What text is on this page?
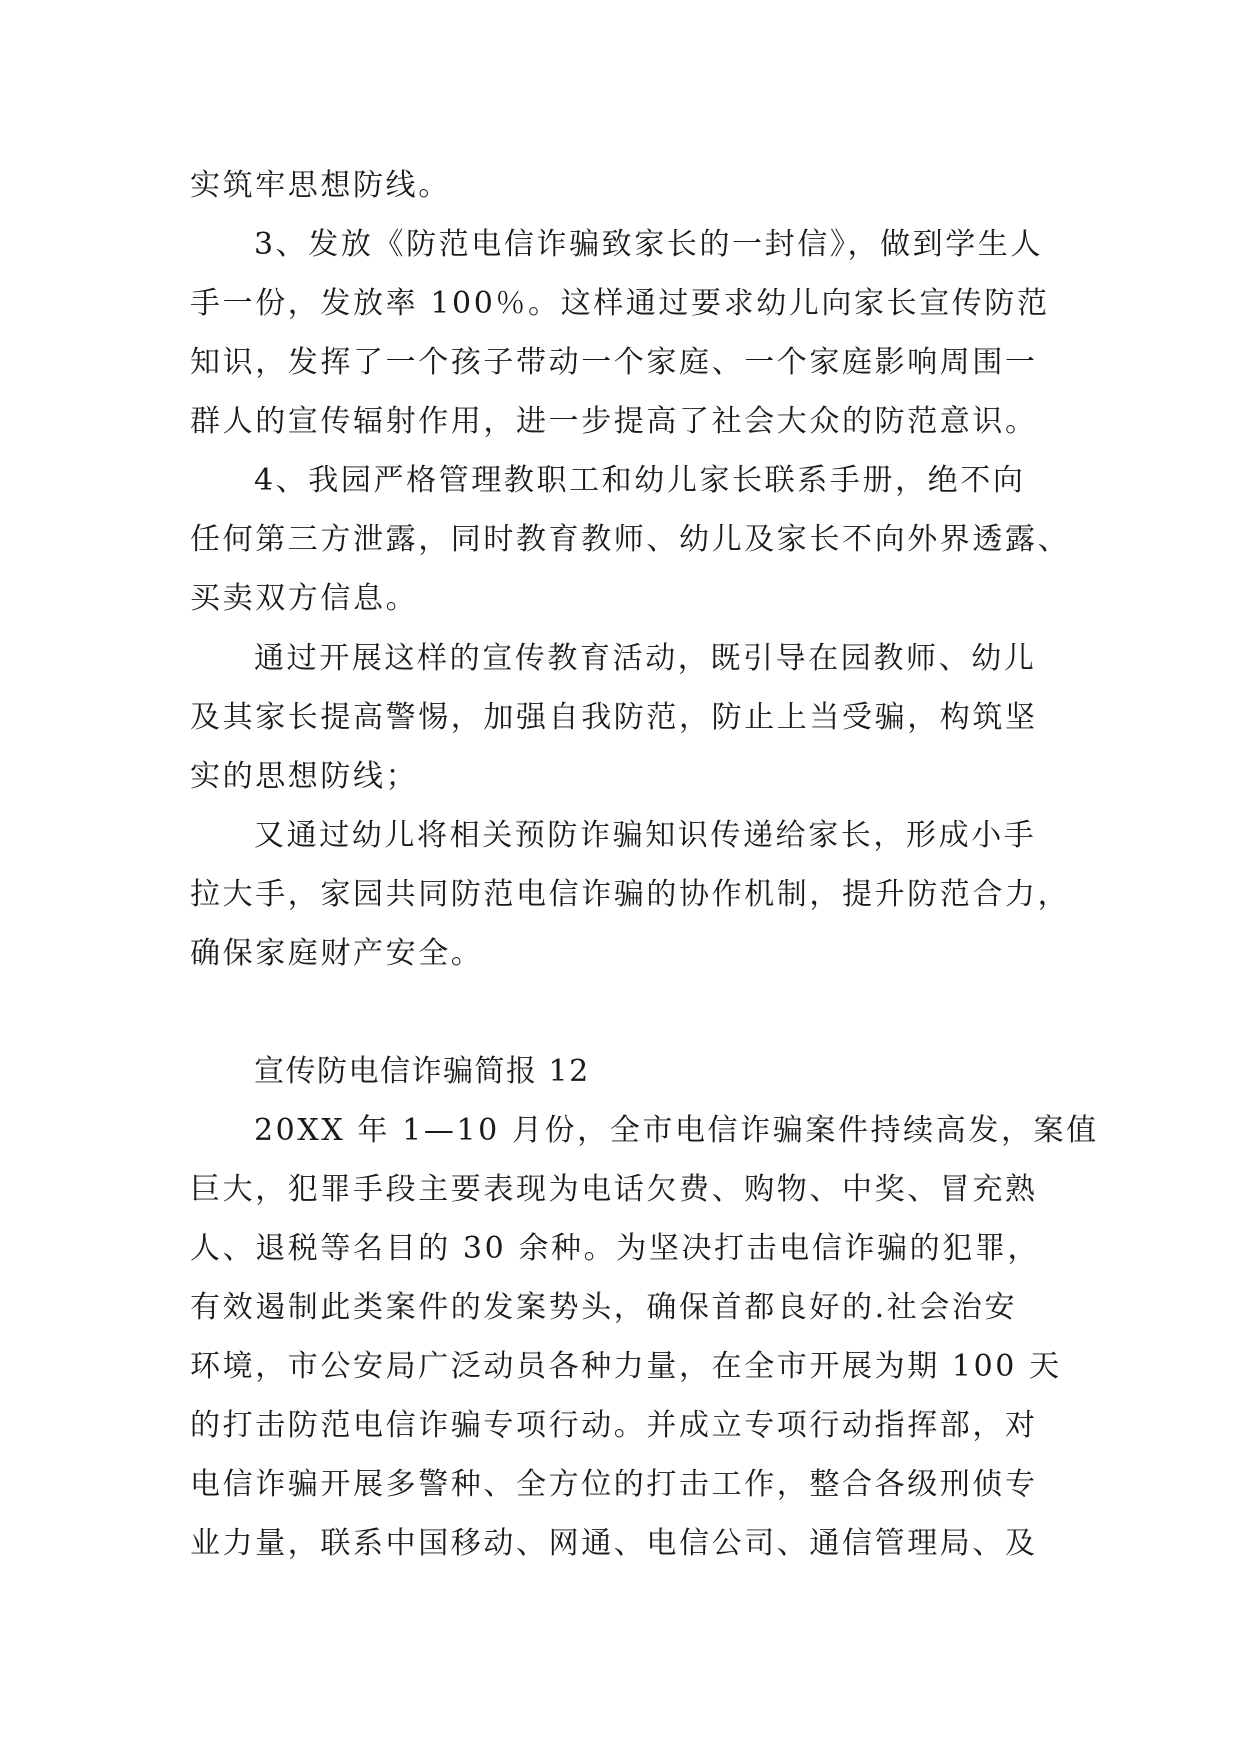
实筑牢思想防线。

3、发放《防范电信诈骗致家长的一封信》，做到学生人

手一份，发放率 100％。这样通过要求幼儿向家长宣传防范

知识，发挥了一个孩子带动一个家庭、一个家庭影响周围一

群人的宣传辐射作用，进一步提高了社会大众的防范意识。

4、我园严格管理教职工和幼儿家长联系手册，绝不向

任何第三方泄露，同时教育教师、幼儿及家长不向外界透露、

买卖双方信息。

通过开展这样的宣传教育活动，既引导在园教师、幼儿

及其家长提高警惕，加强自我防范，防止上当受骗，构筑坚

实的思想防线；

又通过幼儿将相关预防诈骗知识传递给家长，形成小手

拉大手，家园共同防范电信诈骗的协作机制，提升防范合力，

确保家庭财产安全。

宣传防电信诈骗简报 12

20XX 年 1—10 月份，全市电信诈骗案件持续高发，案值

巨大，犯罪手段主要表现为电话欠费、购物、中奖、冒充熟

人、退税等名目的 30 余种。为坚决打击电信诈骗的犯罪，

有效遏制此类案件的发案势头，确保首都良好的.社会治安

环境，市公安局广泛动员各种力量，在全市开展为期 100 天

的打击防范电信诈骗专项行动。并成立专项行动指挥部，对

电信诈骗开展多警种、全方位的打击工作，整合各级刑侦专

业力量，联系中国移动、网通、电信公司、通信管理局、及
